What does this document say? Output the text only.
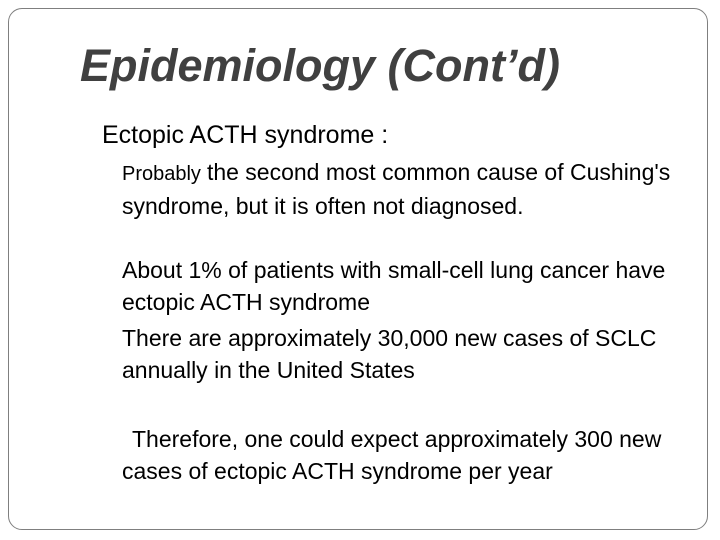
Epidemiology (Cont’d)
Ectopic ACTH syndrome :
Probably the second most common cause of Cushing's syndrome, but it is often not diagnosed.
About 1% of patients with small-cell lung cancer have ectopic ACTH syndrome
There are approximately 30,000 new cases of SCLC annually in the United States
Therefore, one could expect approximately 300 new cases of ectopic ACTH syndrome per year
